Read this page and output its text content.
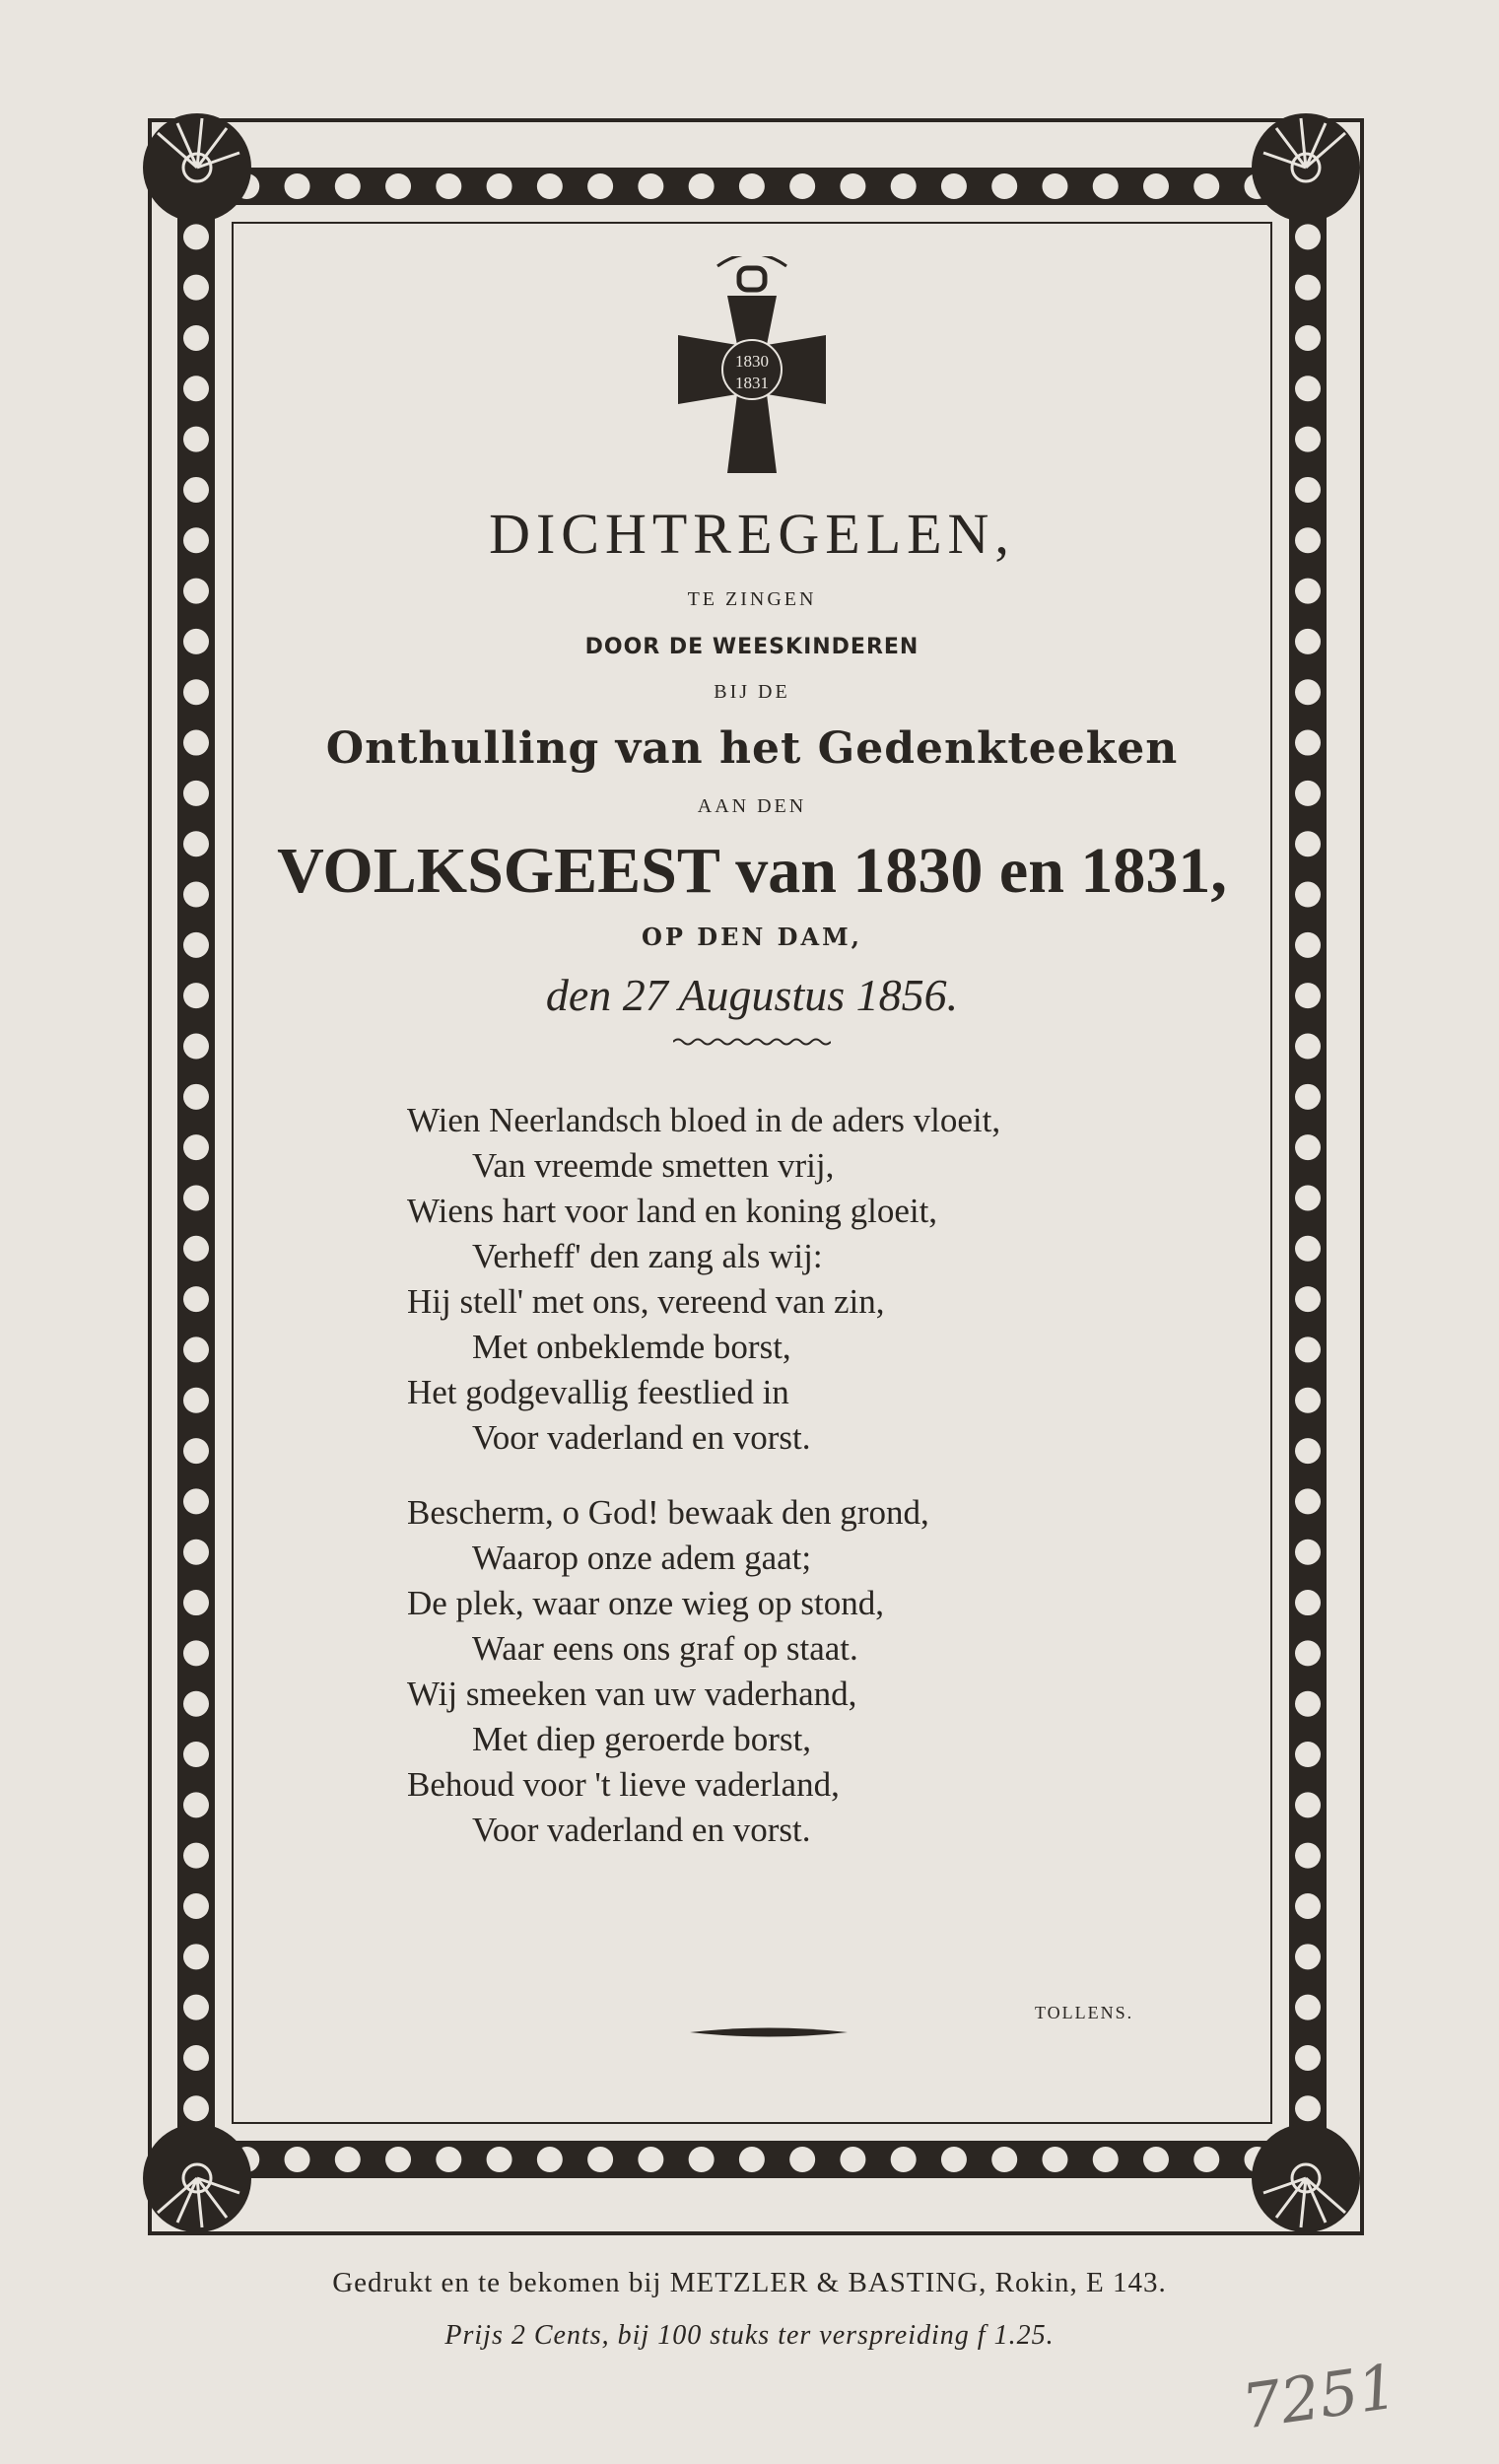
1830
1831
DICHTREGELEN,
TE ZINGEN
DOOR DE WEESKINDEREN
BIJ DE
Onthulling van het Gedenkteeken
AAN DEN
VOLKSGEEST van 1830 en 1831,
OP DEN DAM,
den 27 Augustus 1856.
Wien Neerlandsch bloed in de aders vloeit,
Van vreemde smetten vrij,
Wiens hart voor land en koning gloeit,
Verheff' den zang als wij:
Hij stell' met ons, vereend van zin,
Met onbeklemde borst,
Het godgevallig feestlied in
Voor vaderland en vorst.
Bescherm, o God! bewaak den grond,
Waarop onze adem gaat;
De plek, waar onze wieg op stond,
Waar eens ons graf op staat.
Wij smeeken van uw vaderhand,
Met diep geroerde borst,
Behoud voor 't lieve vaderland,
Voor vaderland en vorst.
TOLLENS.
Gedrukt en te bekomen bij METZLER & BASTING, Rokin, E 143.
Prijs 2 Cents, bij 100 stuks ter verspreiding f 1.25.
7251
